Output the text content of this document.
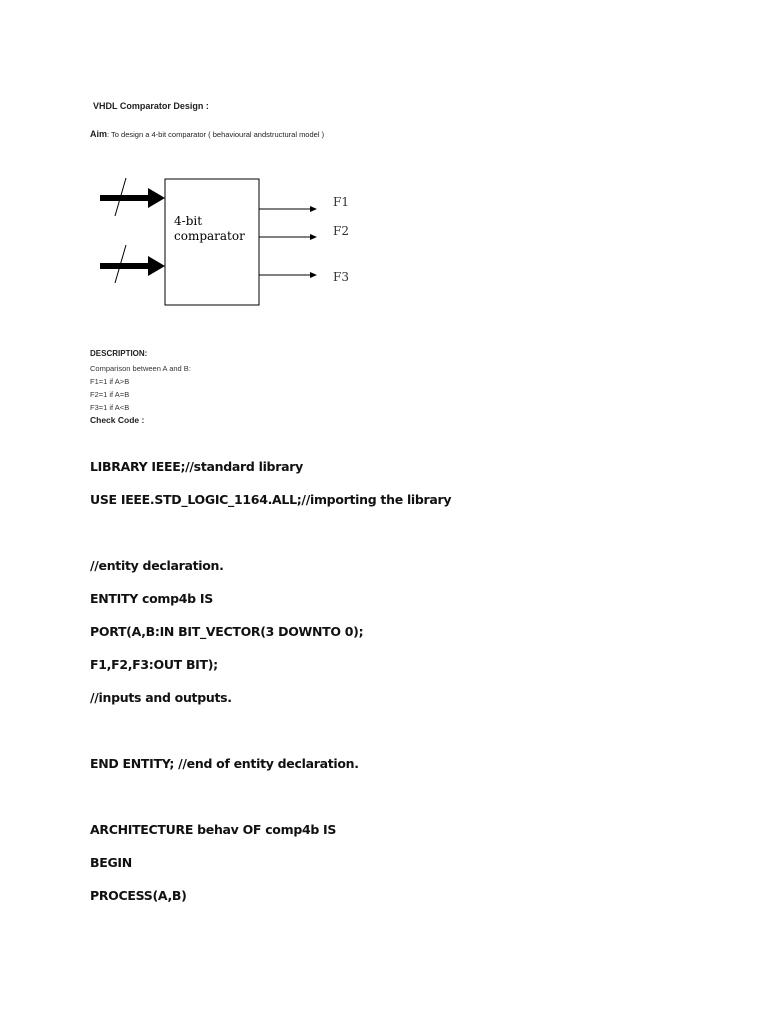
VHDL Comparator Design :
Aim: To design a 4-bit comparator ( behavioural andstructural model )
4-bit
comparator
F1
F2
F3
DESCRIPTION:
Comparison between A and B:
F1=1 if A>B
F2=1 if A=B
F3=1 if A<B
Check Code :
LIBRARY IEEE;//standard library
USE IEEE.STD_LOGIC_1164.ALL;//importing the library
//entity declaration.
ENTITY comp4b IS
PORT(A,B:IN BIT_VECTOR(3 DOWNTO 0);
F1,F2,F3:OUT BIT);
//inputs and outputs.
END ENTITY; //end of entity declaration.
ARCHITECTURE behav OF comp4b IS
BEGIN
PROCESS(A,B)
